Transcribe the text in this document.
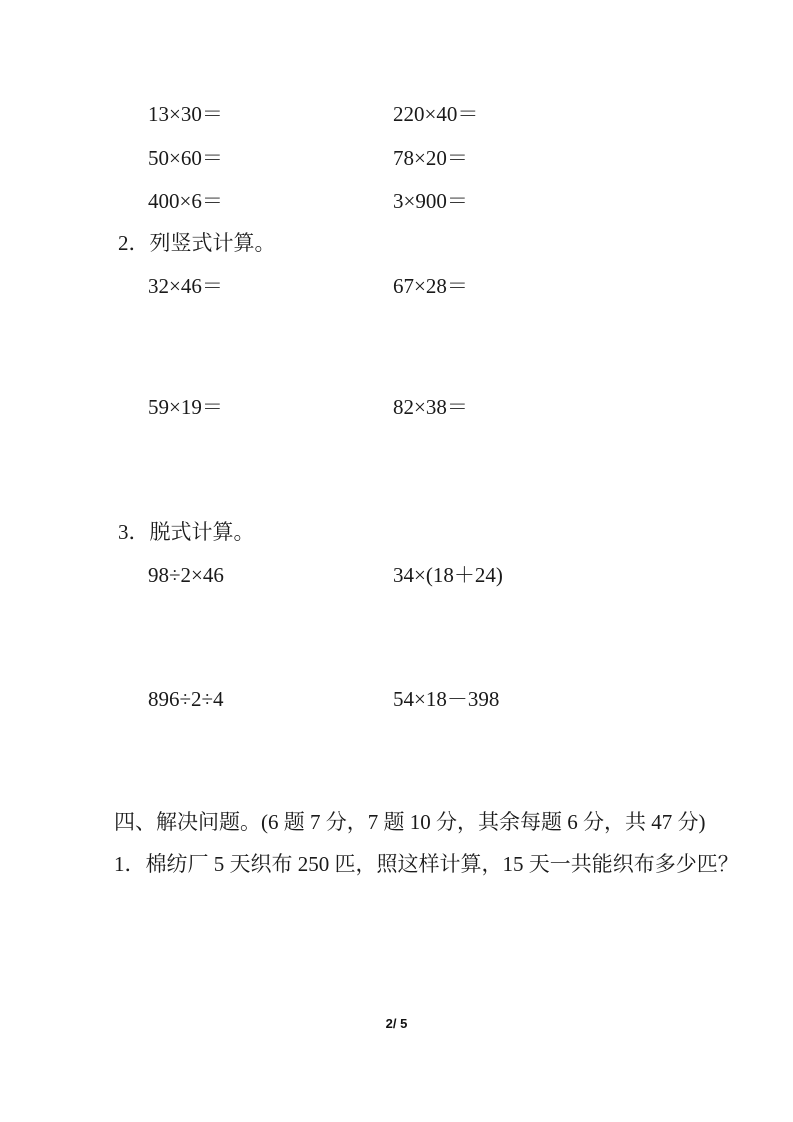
13×30＝	220×40＝
50×60＝	78×20＝
400×6＝	3×900＝
2．列竖式计算。
32×46＝	67×28＝
59×19＝	82×38＝
3．脱式计算。
98÷2×46	34×(18＋24)
896÷2÷4	54×18－398
四、解决问题。(6 题 7 分，7 题 10 分，其余每题 6 分，共 47 分)
1．棉纺厂 5 天织布 250 匹，照这样计算，15 天一共能织布多少匹？
2/ 5
